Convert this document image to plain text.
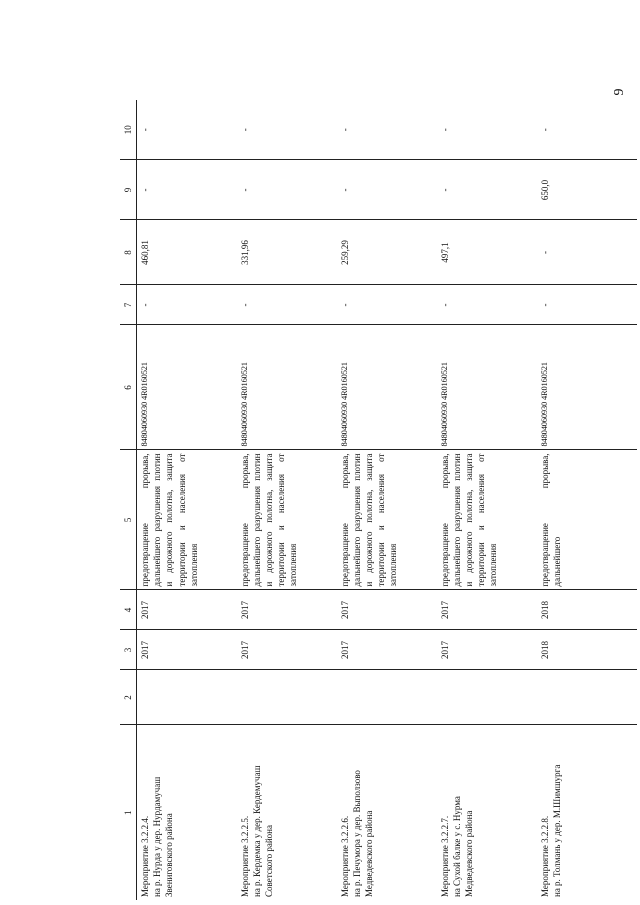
9
1	2	3	4	5	6	7	8	9	10
Мероприятие 3.2.2.4.
на р. Нурда у дер. Нурдамучаш
Звениговского района		2017	2017	предотвращение прорыва, дальнейшего разрушения плотин и дорожного полотна, защита территории и населения от затопления	84804060930 4R0160521	-	460,81	-	-
Мероприятие 3.2.2.5.
на р. Кердемка у дер. Кердемучаш
Советского района		2017	2017	предотвращение прорыва, дальнейшего разрушения плотин и дорожного полотна, защита территории и населения от затопления	84804060930 4R0160521	-	331,96	-	-
Мероприятие 3.2.2.6.
на р. Печумора у дер. Выползово
Медведевского района		2017	2017	предотвращение прорыва, дальнейшего разрушения плотин и дорожного полотна, защита территории и населения от затопления	84804060930 4R0160521	-	259,29	-	-
Мероприятие 3.2.2.7.
на Сухой балке у с. Нурма
Медведевского района		2017	2017	предотвращение прорыва, дальнейшего разрушения плотин и дорожного полотна, защита территории и населения от затопления	84804060930 4R0160521	-	497,1	-	-
Мероприятие 3.2.2.8.
на р. Толмань у дер. М.Шимшурга		2018	2018	предотвращение прорыва, дальнейшего	84804060930 4R0160521	-	-	650,0	-
